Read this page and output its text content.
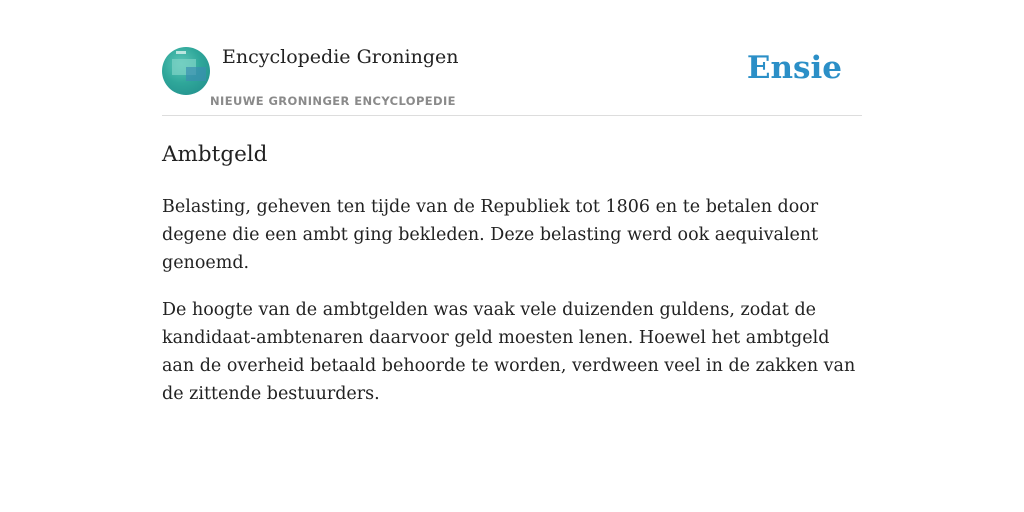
Encyclopedie Groningen
NIEUWE GRONINGER ENCYCLOPEDIE
Ensie
Ambtgeld

Belasting, geheven ten tijde van de Republiek tot 1806 en te betalen door degene die een ambt ging bekleden. Deze belasting werd ook aequivalent genoemd.

De hoogte van de ambtgelden was vaak vele duizenden guldens, zodat de kandidaat-ambtenaren daarvoor geld moesten lenen. Hoewel het ambtgeld aan de overheid betaald behoorde te worden, verdween veel in de zakken van de zittende bestuurders.
